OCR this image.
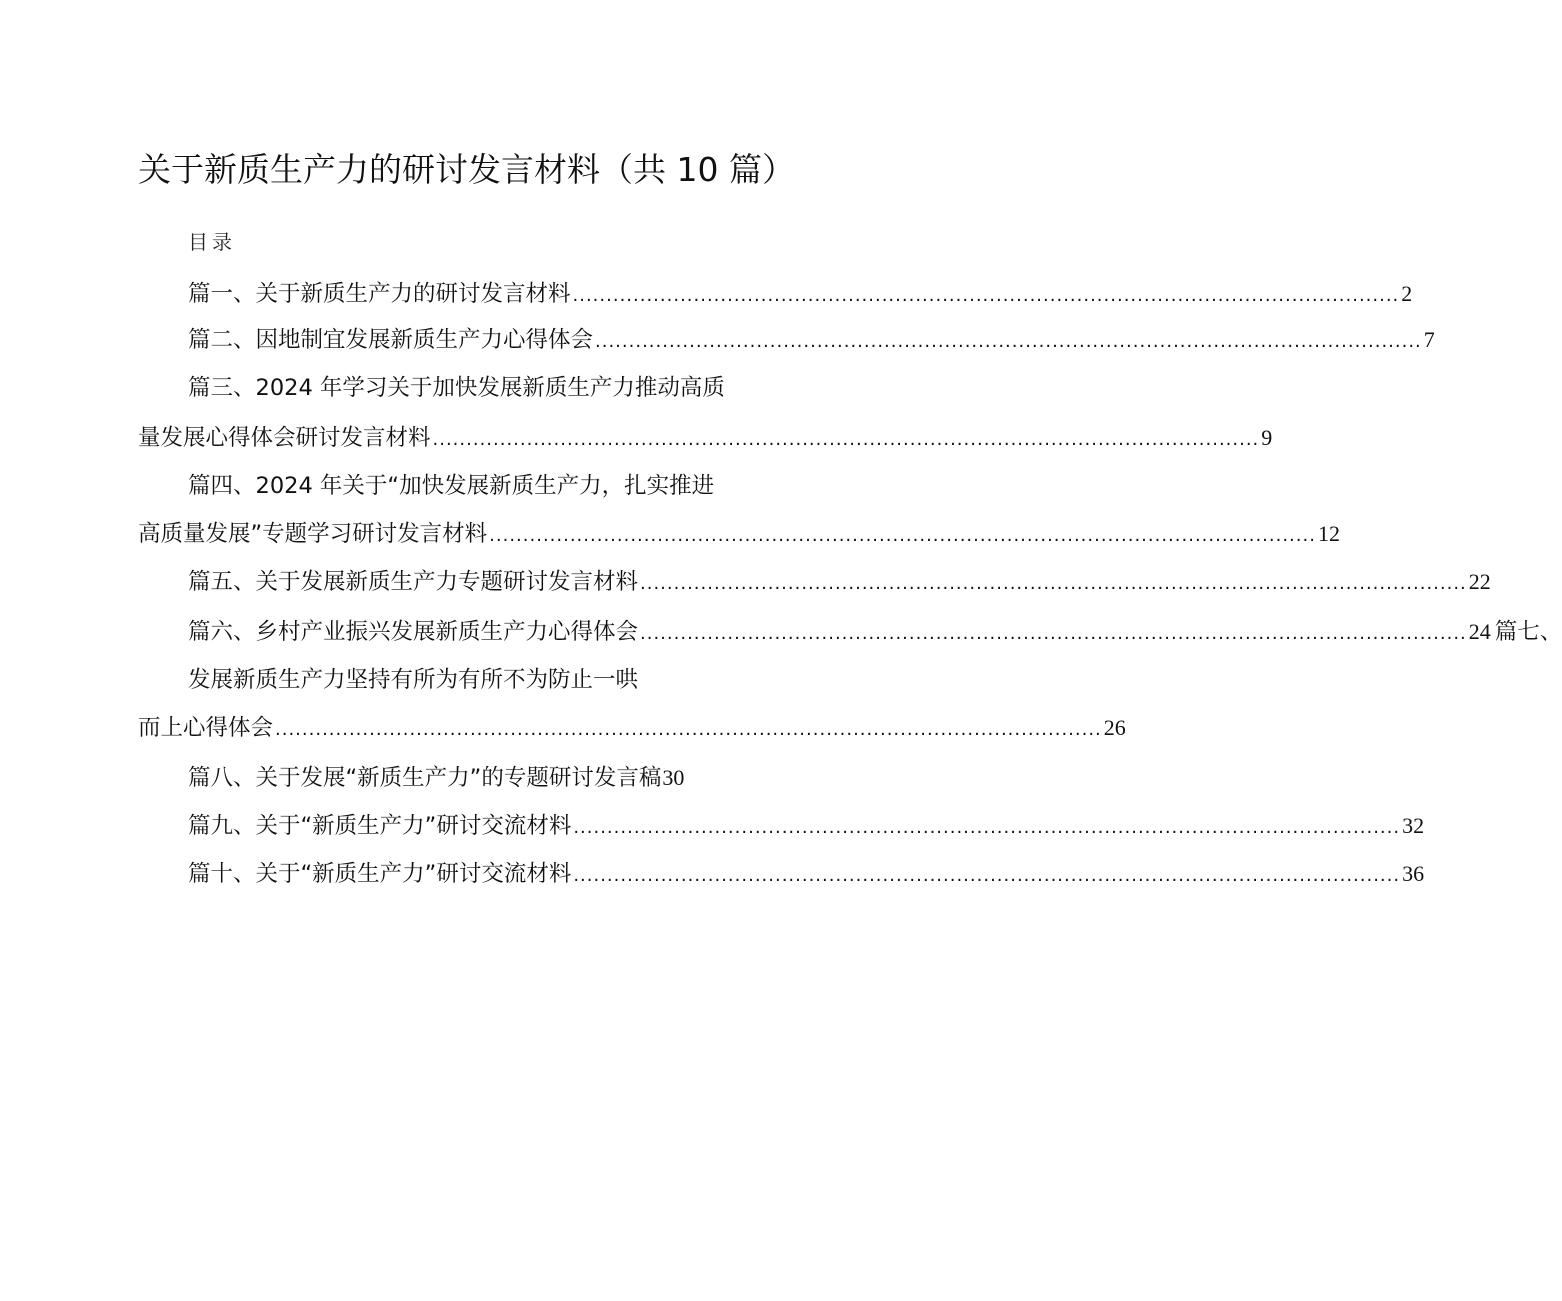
关于新质生产力的研讨发言材料（共 10 篇）
目录
篇一、关于新质生产力的研讨发言材料 ........................................................................................................................... 2
篇二、因地制宜发展新质生产力心得体会 ........................................................................................................................... 7
篇三、2024 年学习关于加快发展新质生产力推动高质
量发展心得体会研讨发言材料 ........................................................................................................................... 9
篇四、2024 年关于“加快发展新质生产力，扎实推进
高质量发展”专题学习研讨发言材料 ........................................................................................................................... 12
篇五、关于发展新质生产力专题研讨发言材料 ........................................................................................................................... 22
篇六、乡村产业振兴发展新质生产力心得体会 ........................................................................................................................... 24 篇七、
发展新质生产力坚持有所为有所不为防止一哄
而上心得体会 ........................................................................................................................... 26
篇八、关于发展“新质生产力”的专题研讨发言稿 30
篇九、关于“新质生产力”研讨交流材料 ........................................................................................................................... 32
篇十、关于“新质生产力”研讨交流材料 ........................................................................................................................... 36
